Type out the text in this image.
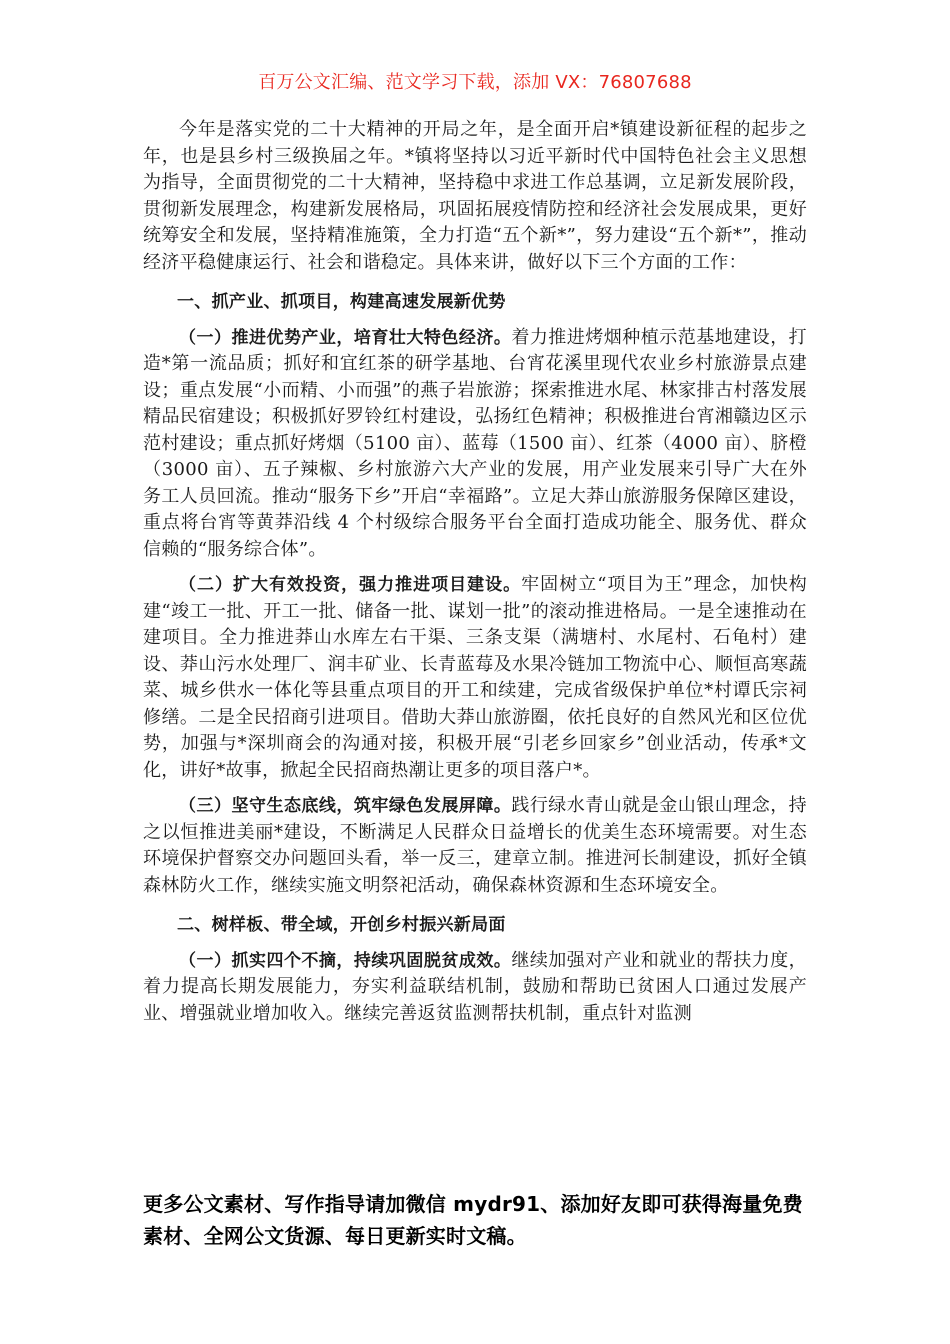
百万公文汇编、范文学习下载，添加 VX：76807688

今年是落实党的二十大精神的开局之年，是全面开启*镇建设新征程的起步之年，也是县乡村三级换届之年。*镇将坚持以习近平新时代中国特色社会主义思想为指导，全面贯彻党的二十大精神，坚持稳中求进工作总基调，立足新发展阶段，贯彻新发展理念，构建新发展格局，巩固拓展疫情防控和经济社会发展成果，更好统筹安全和发展，坚持精准施策，全力打造“五个新*”，努力建设“五个新*”，推动经济平稳健康运行、社会和谐稳定。具体来讲，做好以下三个方面的工作：

一、抓产业、抓项目，构建高速发展新优势

（一）推进优势产业，培育壮大特色经济。着力推进烤烟种植示范基地建设，打造*第一流品质；抓好和宜红茶的研学基地、台宵花溪里现代农业乡村旅游景点建设；重点发展“小而精、小而强”的燕子岩旅游；探索推进水尾、林家排古村落发展精品民宿建设；积极抓好罗铃红村建设，弘扬红色精神；积极推进台宵湘赣边区示范村建设；重点抓好烤烟（5100 亩）、蓝莓（1500 亩）、红茶（4000 亩）、脐橙（3000 亩）、五子辣椒、乡村旅游六大产业的发展，用产业发展来引导广大在外务工人员回流。推动“服务下乡”开启“幸福路”。立足大莽山旅游服务保障区建设，重点将台宵等黄莽沿线 4 个村级综合服务平台全面打造成功能全、服务优、群众信赖的“服务综合体”。

（二）扩大有效投资，强力推进项目建设。牢固树立“项目为王”理念，加快构建“竣工一批、开工一批、储备一批、谋划一批”的滚动推进格局。一是全速推动在建项目。全力推进莽山水库左右干渠、三条支渠（满塘村、水尾村、石龟村）建设、莽山污水处理厂、润丰矿业、长青蓝莓及水果冷链加工物流中心、顺恒高寒蔬菜、城乡供水一体化等县重点项目的开工和续建，完成省级保护单位*村谭氏宗祠修缮。二是全民招商引进项目。借助大莽山旅游圈，依托良好的自然风光和区位优势，加强与*深圳商会的沟通对接，积极开展“引老乡回家乡”创业活动，传承*文化，讲好*故事，掀起全民招商热潮让更多的项目落户*。

（三）坚守生态底线，筑牢绿色发展屏障。践行绿水青山就是金山银山理念，持之以恒推进美丽*建设，不断满足人民群众日益增长的优美生态环境需要。对生态环境保护督察交办问题回头看，举一反三，建章立制。推进河长制建设，抓好全镇森林防火工作，继续实施文明祭祀活动，确保森林资源和生态环境安全。

二、树样板、带全域，开创乡村振兴新局面

（一）抓实四个不摘，持续巩固脱贫成效。继续加强对产业和就业的帮扶力度，着力提高长期发展能力，夯实利益联结机制，鼓励和帮助已贫困人口通过发展产业、增强就业增加收入。继续完善返贫监测帮扶机制，重点针对监测

更多公文素材、写作指导请加微信 mydr91、添加好友即可获得海量免费素材、全网公文货源、每日更新实时文稿。
